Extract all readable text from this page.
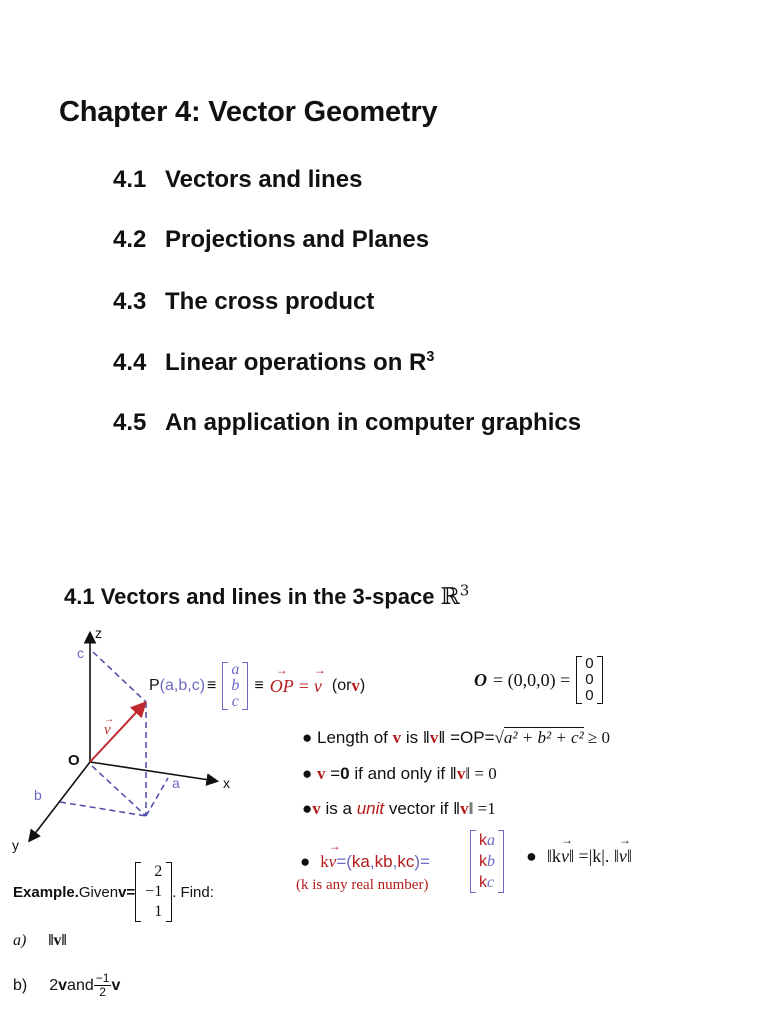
Chapter 4: Vector Geometry
4.1 Vectors and lines
4.2 Projections and Planes
4.3 The cross product
4.4 Linear operations on $R^3$
4.5 An application in computer graphics
4.1 Vectors and lines in the 3-space ℝ$^3$
z
x
y
O
c
b
a
v
→
P (a,b,c) ≡
a
b
c
≡ → OP = → v (or v )	O = (0,0,0) =
0
0
0
● Length of v is ‖v‖ =OP=√a² + b² + c² ≥ 0
● v =0 if and only if ‖v‖ = 0
●v is a unit vector if ‖v‖ =1
● k → v =( ka , kb , kc )=
(k is any real number)
ka
kb
kc
● ‖k→ v‖ =|k|. ‖→ v‖
Example. Given v=
2
−1
1
. Find:
a) ‖v‖
b) 2 v and $\frac{-1}{2}$ v
